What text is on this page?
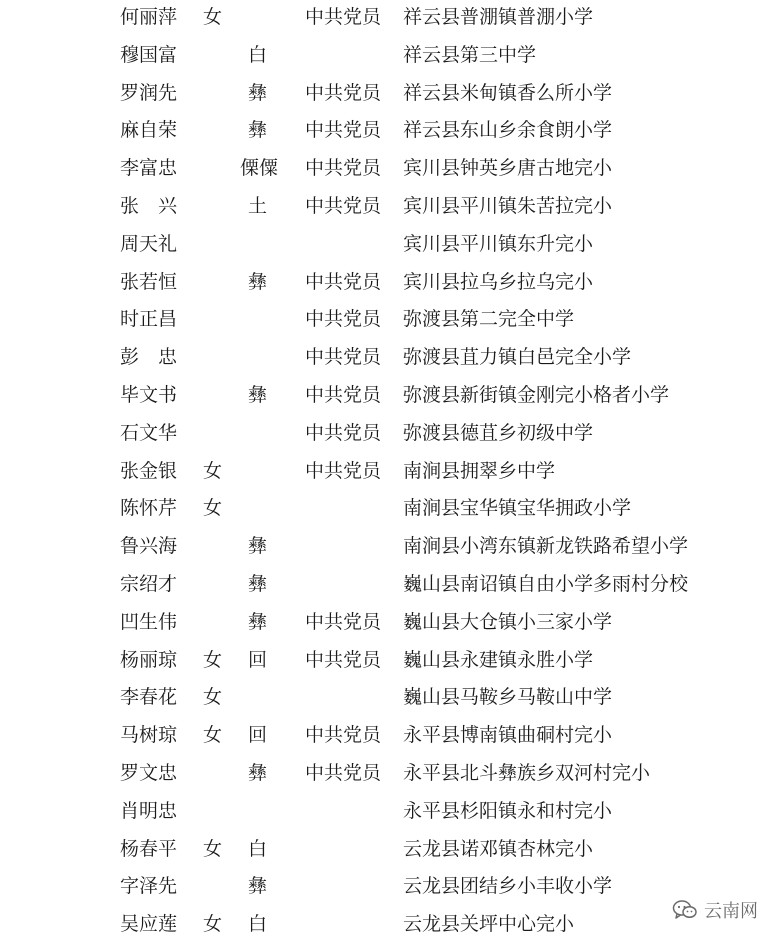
何丽萍 女	中共党员 祥云县普淜镇普淜小学
穆国富	白	祥云县第三中学
罗润先	彝 中共党员 祥云县米甸镇香么所小学
麻自荣	彝 中共党员 祥云县东山乡余食朗小学
李富忠	傈僳 中共党员 宾川县钟英乡唐古地完小
张　兴	土 中共党员 宾川县平川镇朱苦拉完小
周天礼	宾川县平川镇东升完小
张若恒	彝 中共党员 宾川县拉乌乡拉乌完小
时正昌	中共党员 弥渡县第二完全中学
彭　忠	中共党员 弥渡县苴力镇白邑完全小学
毕文书	彝 中共党员 弥渡县新街镇金刚完小格者小学
石文华	中共党员 弥渡县德苴乡初级中学
张金银 女	中共党员 南涧县拥翠乡中学
陈怀芹 女	南涧县宝华镇宝华拥政小学
鲁兴海	彝	南涧县小湾东镇新龙铁路希望小学
宗绍才	彝	巍山县南诏镇自由小学多雨村分校
凹生伟	彝 中共党员 巍山县大仓镇小三家小学
杨丽琼 女 回 中共党员 巍山县永建镇永胜小学
李春花 女	巍山县马鞍乡马鞍山中学
马树琼 女 回 中共党员 永平县博南镇曲硐村完小
罗文忠	彝 中共党员 永平县北斗彝族乡双河村完小
肖明忠	永平县杉阳镇永和村完小
杨春平 女 白	云龙县诺邓镇杏林完小
字泽先	彝	云龙县团结乡小丰收小学
吴应莲 女 白	云龙县关坪中心完小
云南网
